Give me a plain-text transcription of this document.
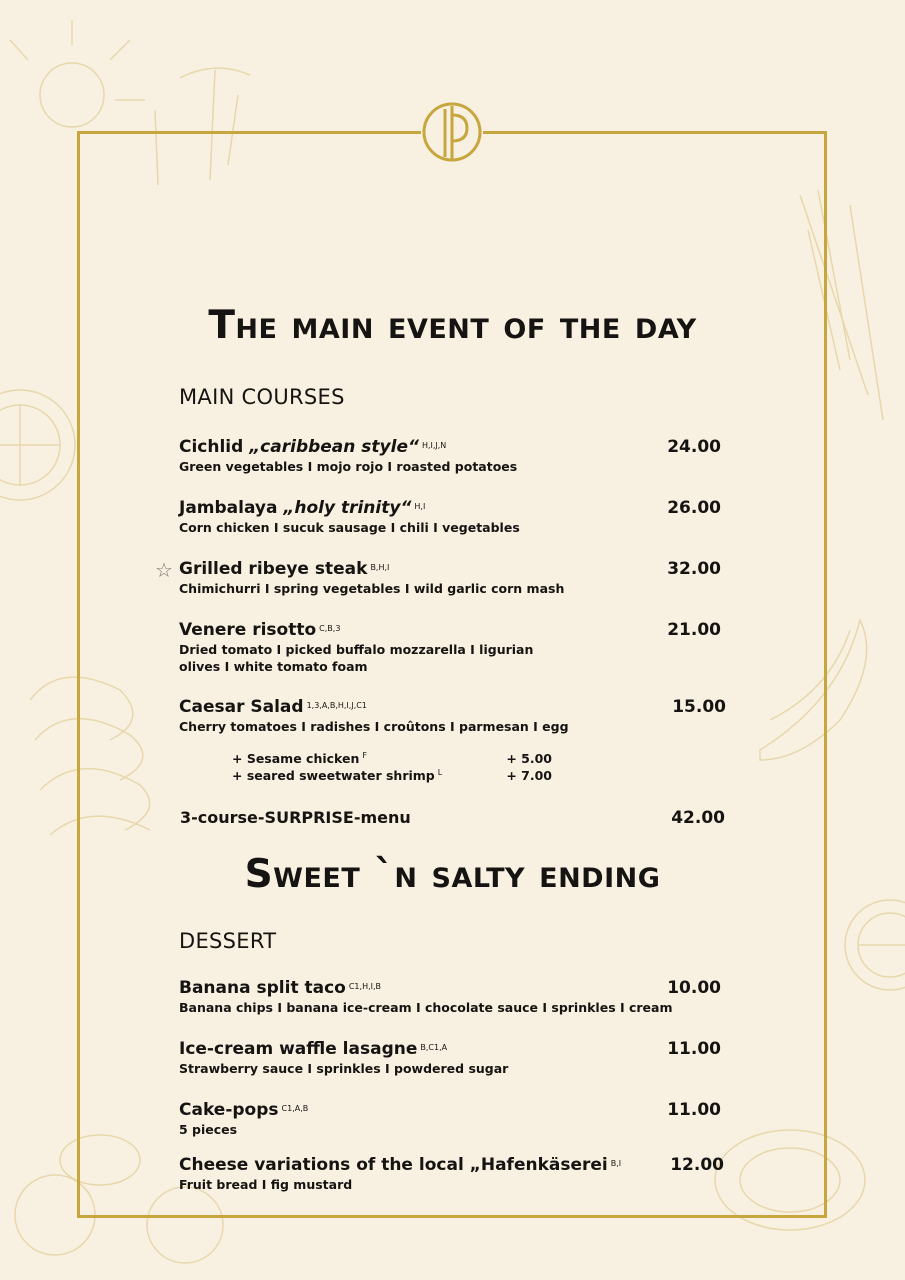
The main event of the day
MAIN COURSES
Cichlid „caribbean style“ $^{H,I,J,N}$
Green vegetables I mojo rojo I roasted potatoes
24.00
Jambalaya „holy trinity“ $^{H,I}$
Corn chicken I sucuk sausage I chili I vegetables
26.00
☆ Grilled ribeye steak $^{B,H,I}$
Chimichurri I spring vegetables I wild garlic corn mash
32.00
Venere risotto $^{C,B,3}$
Dried tomato I picked buffalo mozzarella I ligurian olives I white tomato foam
21.00
Caesar Salad $^{1,3,A,B,H,I,J,C1}$
Cherry tomatoes I radishes I croûtons I parmesan I egg
15.00
+ Sesame chicken $^F$	+ 5.00
+ seared sweetwater shrimp $^L$	+ 7.00
3-course-SURPRISE-menu	42.00
Sweet `n salty ending
DESSERT
Banana split taco $^{C1,H,I,B}$
Banana chips I banana ice-cream I chocolate sauce I sprinkles I cream
10.00
Ice-cream waffle lasagne $^{B,C1,A}$
Strawberry sauce I sprinkles I powdered sugar
11.00
Cake-pops $^{C1,A,B}$
5 pieces
11.00
Cheese variations of the local „Hafenkäserei $^{B,I}$
Fruit bread I fig mustard
12.00
